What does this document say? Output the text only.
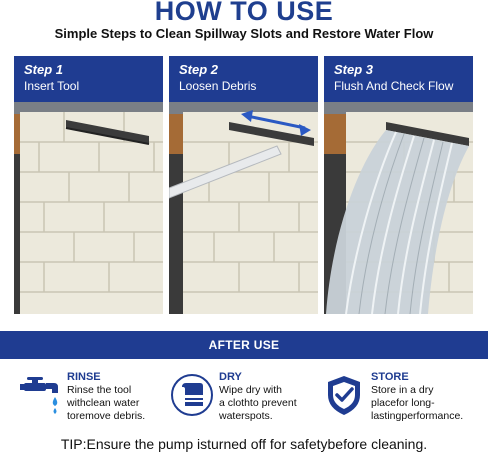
HOW TO USE
Simple Steps to Clean Spillway Slots and Restore Water Flow
Step 1
Insert Tool
Step 2
Loosen Debris
Step 3
Flush And Check Flow
AFTER USE
RINSE
Rinse the tool
withclean water
toremove debris.
DRY
Wipe dry with
a clothto prevent
waterspots.
STORE
Store in a dry
placefor long-
lastingperformance.
TIP:Ensure the pump isturned off for safetybefore cleaning.
